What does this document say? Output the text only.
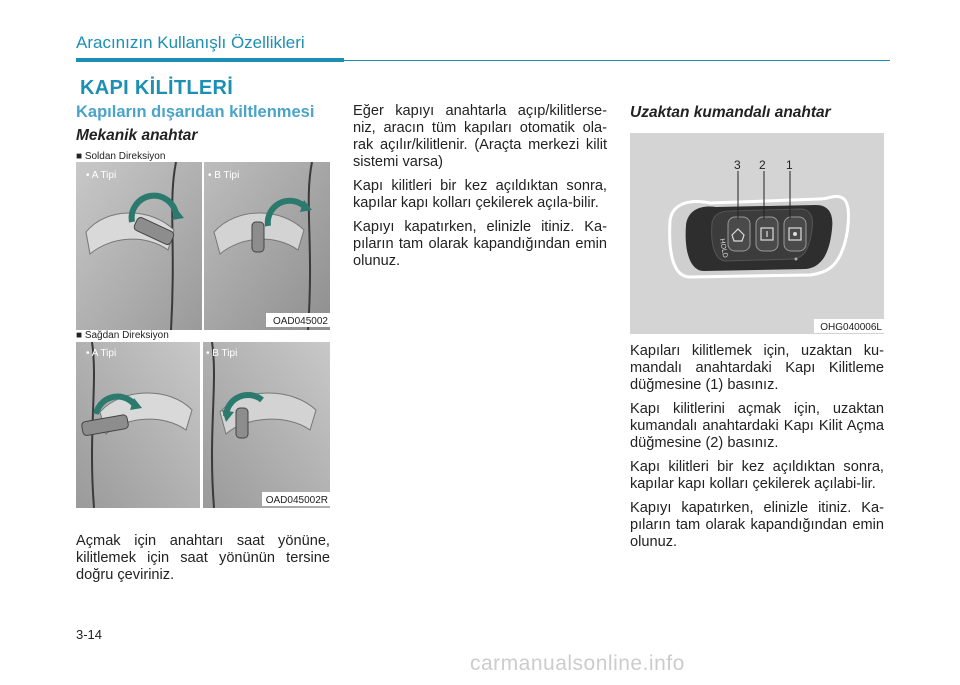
Aracınızın Kullanışlı Özellikleri
KAPI KİLİTLERİ
Kapıların dışarıdan kiltlenmesi
Mekanik anahtar
■ Soldan Direksiyon
• A Tipi	• B Tipi
OAD045002
■ Sağdan Direksiyon
• A Tipi	• B Tipi
OAD045002R

Açmak için anahtarı saat yönüne, kilitlemek için saat yönünün tersine doğru çeviriniz.

Eğer kapıyı anahtarla açıp/kilitlerse-niz, aracın tüm kapıları otomatik ola-rak açılır/kilitlenir. (Araçta merkezi kilit sistemi varsa)

Kapı kilitleri bir kez açıldıktan sonra, kapılar kapı kolları çekilerek açıla-bilir.

Kapıyı kapatırken, elinizle itiniz. Ka-pıların tam olarak kapandığından emin olunuz.

Uzaktan kumandalı anahtar
HOLD
3 2 1
OHG040006L

Kapıları kilitlemek için, uzaktan ku-mandalı anahtardaki Kapı Kilitleme düğmesine (1) basınız.

Kapı kilitlerini açmak için, uzaktan kumandalı anahtardaki Kapı Kilit Açma düğmesine (2) basınız.

Kapı kilitleri bir kez açıldıktan sonra, kapılar kapı kolları çekilerek açılabi-lir.

Kapıyı kapatırken, elinizle itiniz. Ka-pıların tam olarak kapandığından emin olunuz.

3-14
carmanualsonline.info
